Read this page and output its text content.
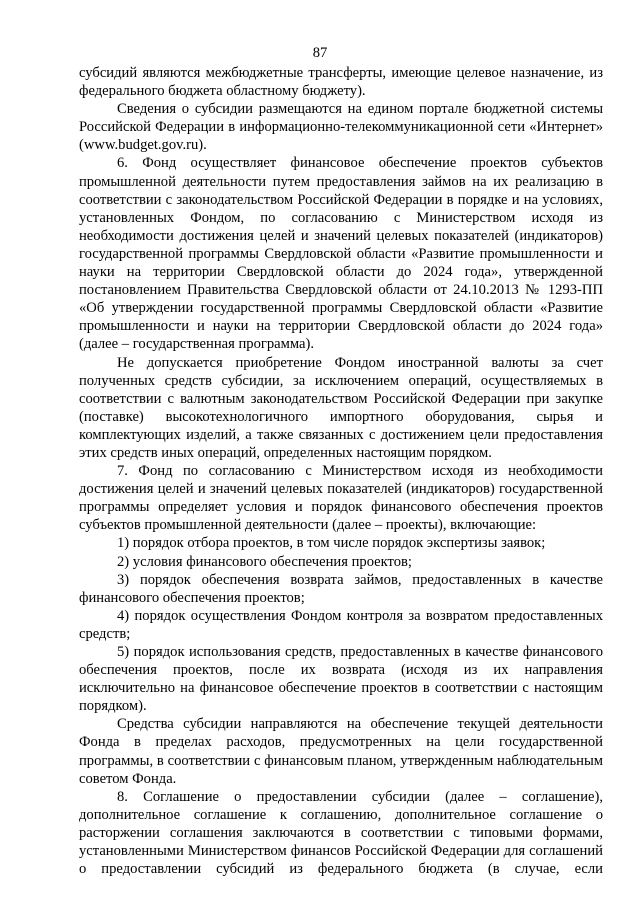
87

субсидий являются межбюджетные трансферты, имеющие целевое назначение, из федерального бюджета областному бюджету).

Сведения о субсидии размещаются на едином портале бюджетной системы Российской Федерации в информационно-телекоммуникационной сети «Интернет» (www.budget.gov.ru).

6. Фонд осуществляет финансовое обеспечение проектов субъектов промышленной деятельности путем предоставления займов на их реализацию в соответствии с законодательством Российской Федерации в порядке и на условиях, установленных Фондом, по согласованию с Министерством исходя из необходимости достижения целей и значений целевых показателей (индикаторов) государственной программы Свердловской области «Развитие промышленности и науки на территории Свердловской области до 2024 года», утвержденной постановлением Правительства Свердловской области от 24.10.2013 № 1293-ПП «Об утверждении государственной программы Свердловской области «Развитие промышленности и науки на территории Свердловской области до 2024 года» (далее – государственная программа).

Не допускается приобретение Фондом иностранной валюты за счет полученных средств субсидии, за исключением операций, осуществляемых в соответствии с валютным законодательством Российской Федерации при закупке (поставке) высокотехнологичного импортного оборудования, сырья и комплектующих изделий, а также связанных с достижением цели предоставления этих средств иных операций, определенных настоящим порядком.

7. Фонд по согласованию с Министерством исходя из необходимости достижения целей и значений целевых показателей (индикаторов) государственной программы определяет условия и порядок финансового обеспечения проектов субъектов промышленной деятельности (далее – проекты), включающие:

1) порядок отбора проектов, в том числе порядок экспертизы заявок;

2) условия финансового обеспечения проектов;

3) порядок обеспечения возврата займов, предоставленных в качестве финансового обеспечения проектов;

4) порядок осуществления Фондом контроля за возвратом предоставленных средств;

5) порядок использования средств, предоставленных в качестве финансового обеспечения проектов, после их возврата (исходя из их направления исключительно на финансовое обеспечение проектов в соответствии с настоящим порядком).

Средства субсидии направляются на обеспечение текущей деятельности Фонда в пределах расходов, предусмотренных на цели государственной программы, в соответствии с финансовым планом, утвержденным наблюдательным советом Фонда.

8. Соглашение о предоставлении субсидии (далее – соглашение), дополнительное соглашение к соглашению, дополнительное соглашение о расторжении соглашения заключаются в соответствии с типовыми формами, установленными Министерством финансов Российской Федерации для соглашений о предоставлении субсидий из федерального бюджета (в случае, если
